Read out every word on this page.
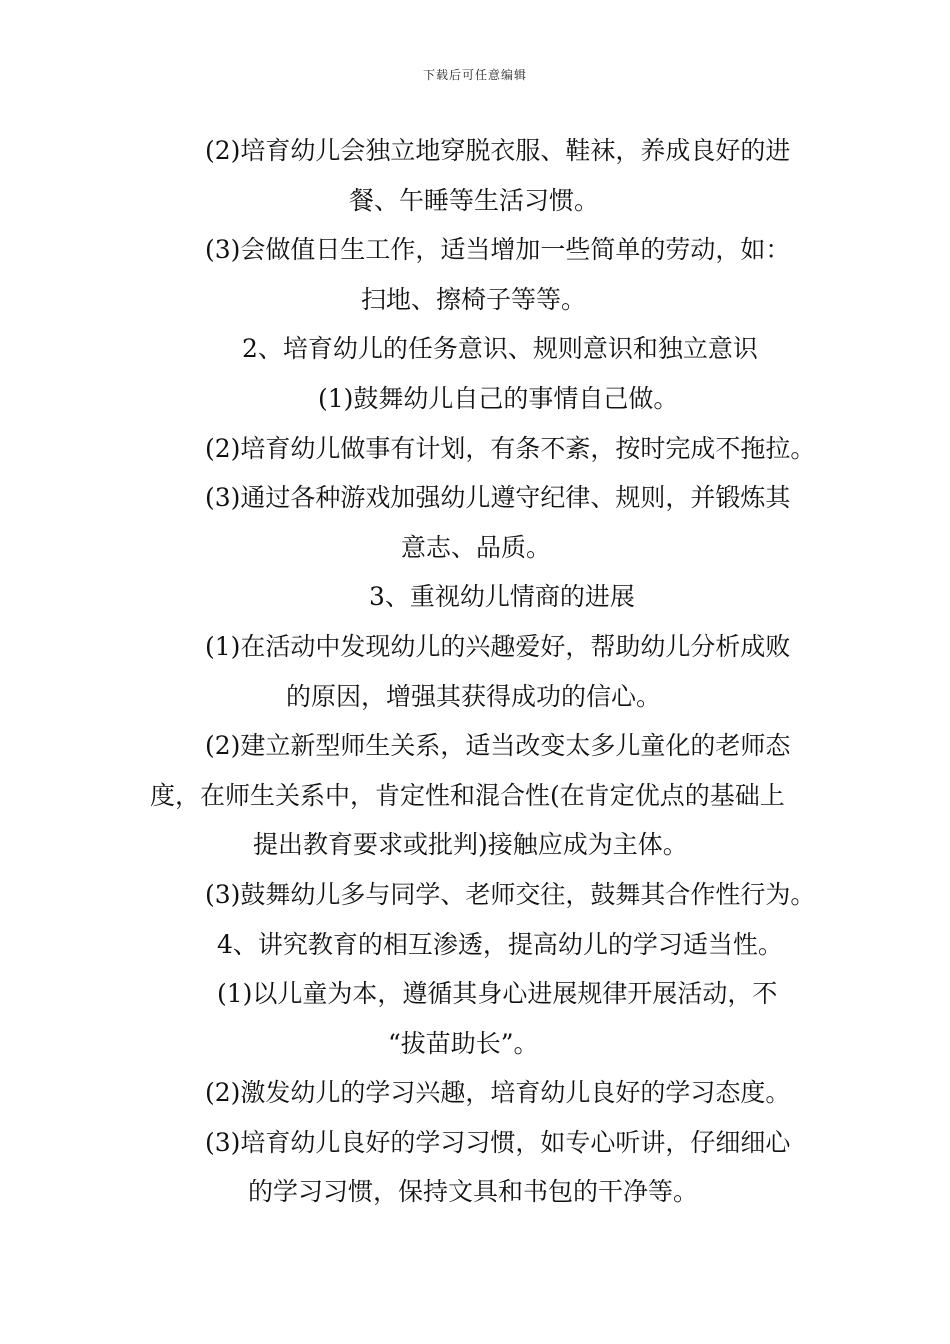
下载后可任意编辑
(2)培育幼儿会独立地穿脱衣服、鞋袜，养成良好的进
餐、午睡等生活习惯。
(3)会做值日生工作，适当增加一些简单的劳动，如：
扫地、擦椅子等等。
2、培育幼儿的任务意识、规则意识和独立意识
(1)鼓舞幼儿自己的事情自己做。
(2)培育幼儿做事有计划，有条不紊，按时完成不拖拉。
(3)通过各种游戏加强幼儿遵守纪律、规则，并锻炼其
意志、品质。
3、重视幼儿情商的进展
(1)在活动中发现幼儿的兴趣爱好，帮助幼儿分析成败
的原因，增强其获得成功的信心。
(2)建立新型师生关系，适当改变太多儿童化的老师态
度，在师生关系中，肯定性和混合性(在肯定优点的基础上
提出教育要求或批判)接触应成为主体。
(3)鼓舞幼儿多与同学、老师交往，鼓舞其合作性行为。
4、讲究教育的相互渗透，提高幼儿的学习适当性。
(1)以儿童为本，遵循其身心进展规律开展活动，不
“拔苗助长”。
(2)激发幼儿的学习兴趣，培育幼儿良好的学习态度。
(3)培育幼儿良好的学习习惯，如专心听讲，仔细细心
的学习习惯，保持文具和书包的干净等。
